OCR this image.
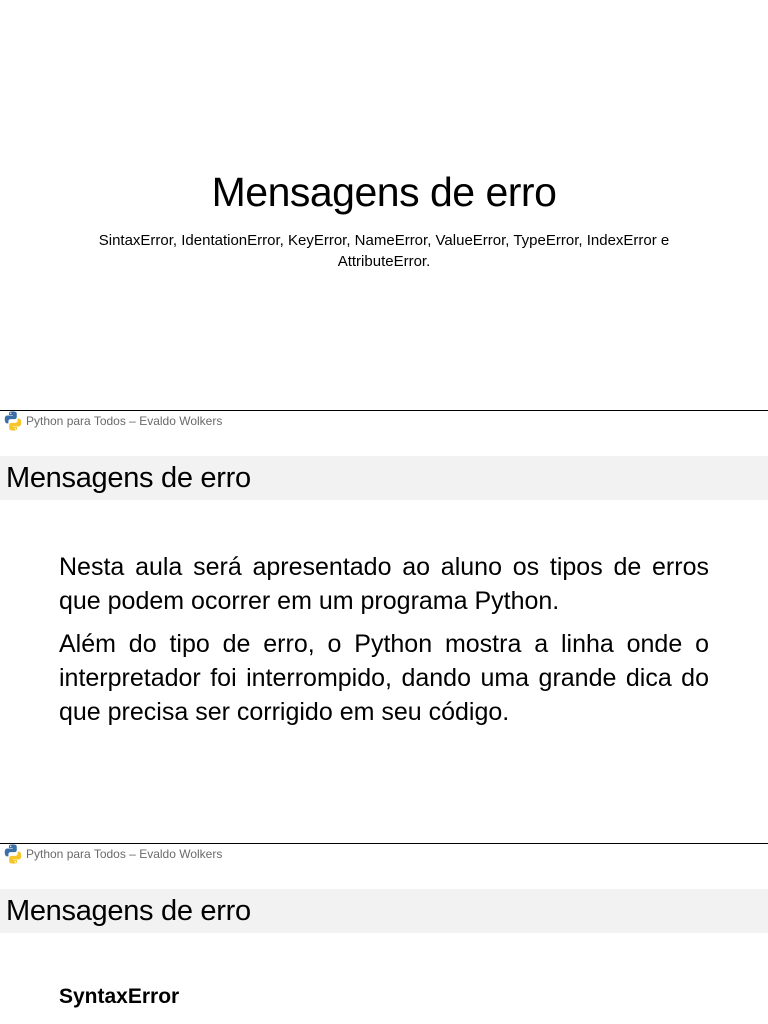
Mensagens de erro
SintaxError, IdentationError, KeyError, NameError, ValueError, TypeError, IndexError e AttributeError.
Python para Todos – Evaldo Wolkers
Mensagens de erro

Nesta aula será apresentado ao aluno os tipos de erros que podem ocorrer em um programa Python.

Além do tipo de erro, o Python mostra a linha onde o interpretador foi interrompido, dando uma grande dica do que precisa ser corrigido em seu código.

Python para Todos – Evaldo Wolkers
Mensagens de erro
SyntaxError
